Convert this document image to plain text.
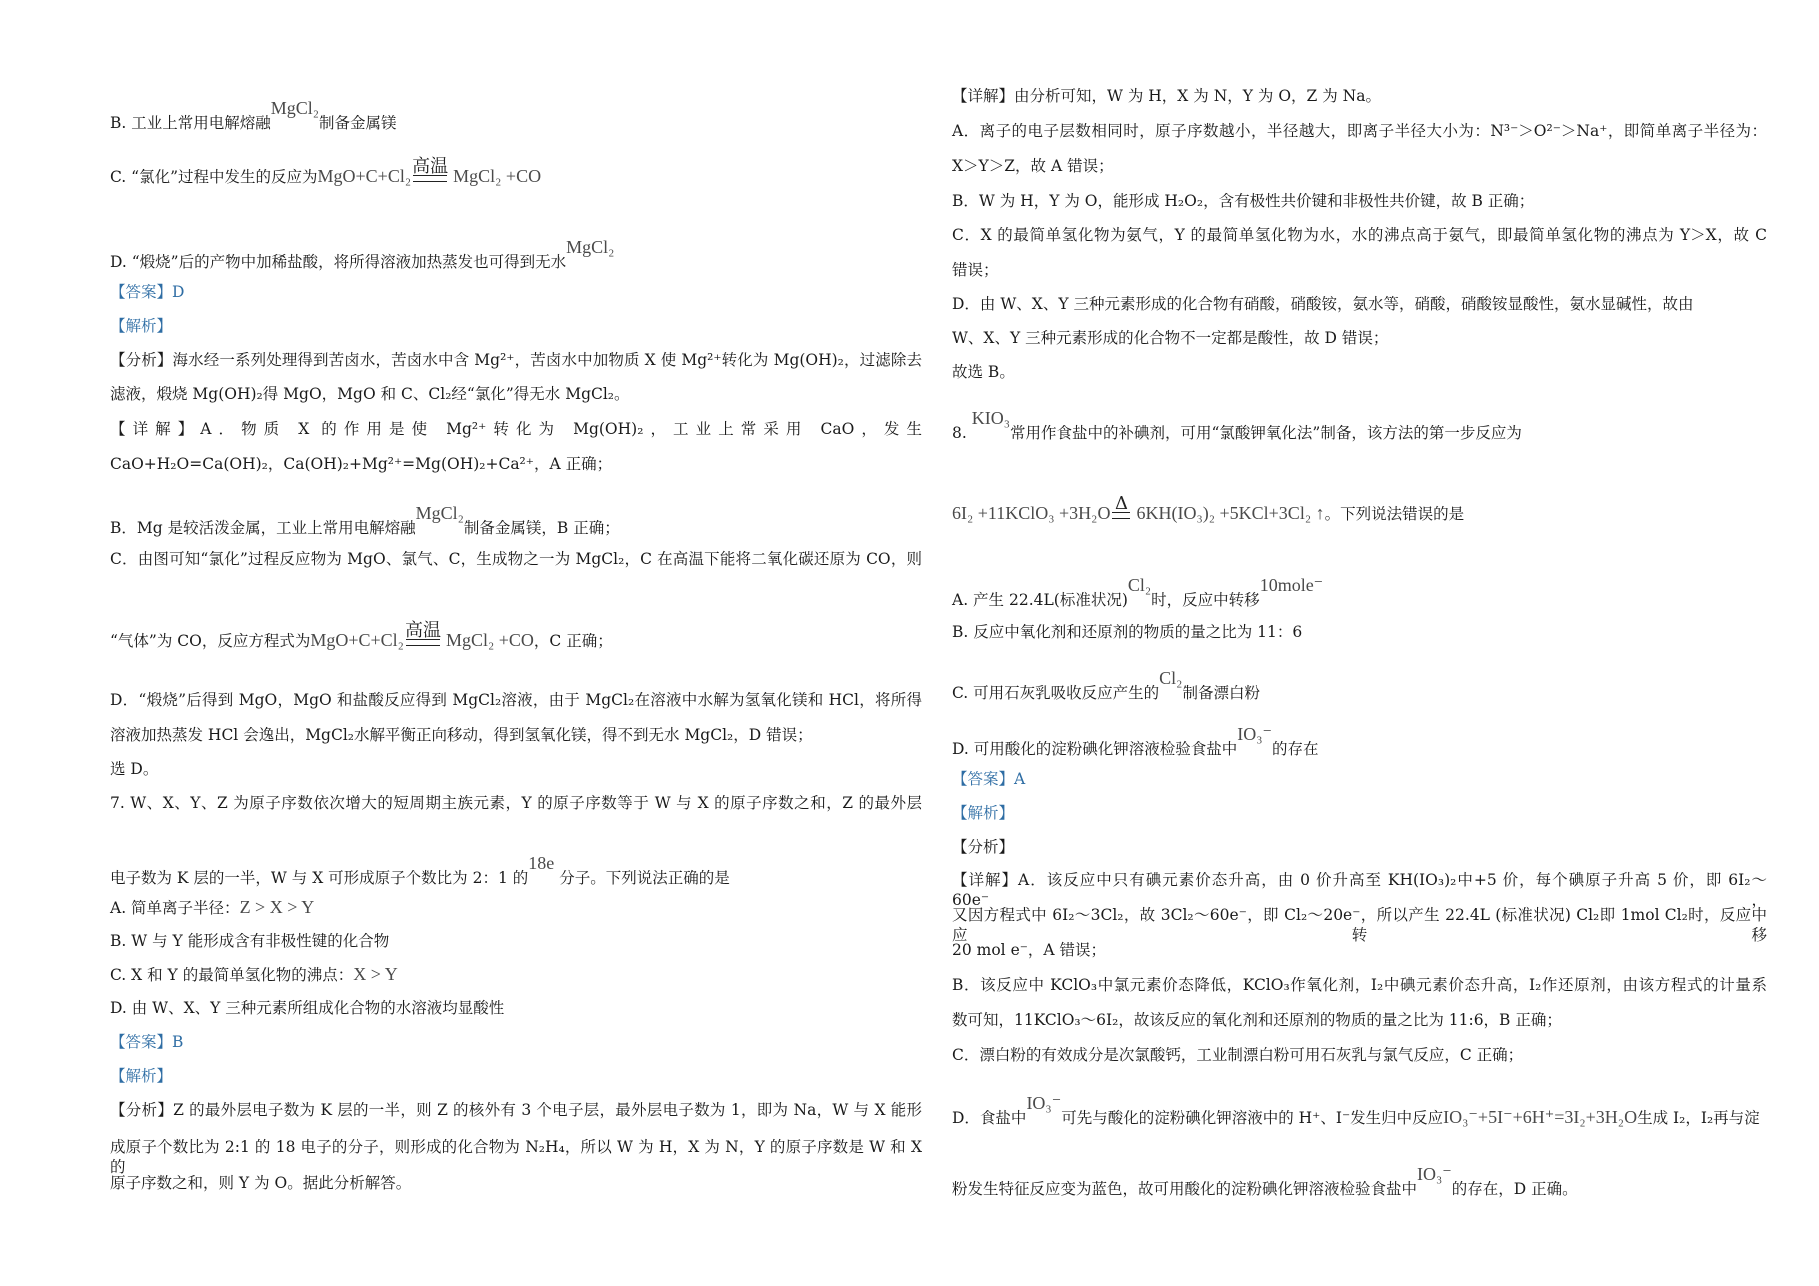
B. 工业上常用电解熔融MgCl₂制备金属镁
C. “氯化”过程中发生的反应为MgO+C+Cl₂ 高温 MgCl₂ +CO
D. “煅烧”后的产物中加稀盐酸，将所得溶液加热蒸发也可得到无水MgCl₂
【答案】D
【解析】
【分析】海水经一系列处理得到苦卤水，苦卤水中含 Mg²⁺，苦卤水中加物质 X 使 Mg²⁺转化为 Mg(OH)₂，过滤除去
滤液，煅烧 Mg(OH)₂得 MgO，MgO 和 C、Cl₂经“氯化”得无水 MgCl₂。
【详解】A．物质 X 的作用是使 Mg²⁺转化为 Mg(OH)₂，工业上常采用 CaO，发生
CaO+H₂O=Ca(OH)₂，Ca(OH)₂+Mg²⁺=Mg(OH)₂+Ca²⁺，A 正确；
B．Mg 是较活泼金属，工业上常用电解熔融MgCl₂制备金属镁，B 正确；
C．由图可知“氯化”过程反应物为 MgO、氯气、C，生成物之一为 MgCl₂，C 在高温下能将二氧化碳还原为 CO，则
“气体”为 CO，反应方程式为MgO+C+Cl₂ 高温 MgCl₂ +CO，C 正确；
D．“煅烧”后得到 MgO，MgO 和盐酸反应得到 MgCl₂溶液，由于 MgCl₂在溶液中水解为氢氧化镁和 HCl，将所得
溶液加热蒸发 HCl 会逸出，MgCl₂水解平衡正向移动，得到氢氧化镁，得不到无水 MgCl₂，D 错误；
选 D。
7. W、X、Y、Z 为原子序数依次增大的短周期主族元素，Y 的原子序数等于 W 与 X 的原子序数之和，Z 的最外层
电子数为 K 层的一半，W 与 X 可形成原子个数比为 2：1 的18e 分子。下列说法正确的是
A. 简单离子半径：Z > X > Y
B. W 与 Y 能形成含有非极性键的化合物
C. X 和 Y 的最简单氢化物的沸点：X > Y
D. 由 W、X、Y 三种元素所组成化合物的水溶液均显酸性
【答案】B
【解析】
【分析】Z 的最外层电子数为 K 层的一半，则 Z 的核外有 3 个电子层，最外层电子数为 1，即为 Na，W 与 X 能形
成原子个数比为 2:1 的 18 电子的分子，则形成的化合物为 N₂H₄，所以 W 为 H，X 为 N，Y 的原子序数是 W 和 X 的
原子序数之和，则 Y 为 O。据此分析解答。
【详解】由分析可知，W 为 H，X 为 N，Y 为 O，Z 为 Na。
A．离子的电子层数相同时，原子序数越小，半径越大，即离子半径大小为：N³⁻＞O²⁻＞Na⁺，即简单离子半径为：
X＞Y＞Z，故 A 错误；
B．W 为 H，Y 为 O，能形成 H₂O₂，含有极性共价键和非极性共价键，故 B 正确；
C．X 的最简单氢化物为氨气，Y 的最简单氢化物为水，水的沸点高于氨气，即最简单氢化物的沸点为 Y＞X，故 C
错误；
D．由 W、X、Y 三种元素形成的化合物有硝酸，硝酸铵，氨水等，硝酸，硝酸铵显酸性，氨水显碱性，故由
W、X、Y 三种元素形成的化合物不一定都是酸性，故 D 错误；
故选 B。
8. KIO₃常用作食盐中的补碘剂，可用“氯酸钾氧化法”制备，该方法的第一步反应为
6I₂ +11KClO₃ +3H₂O Δ 6KH(IO₃)₂ +5KCl+3Cl₂ ↑。下列说法错误的是
A. 产生 22.4L(标准状况)Cl₂时，反应中转移10mole⁻
B. 反应中氧化剂和还原剂的物质的量之比为 11：6
C. 可用石灰乳吸收反应产生的Cl₂制备漂白粉
D. 可用酸化的淀粉碘化钾溶液检验食盐中IO₃⁻的存在
【答案】A
【解析】
【分析】
【详解】A．该反应中只有碘元素价态升高，由 0 价升高至 KH(IO₃)₂中+5 价，每个碘原子升高 5 价，即 6I₂～60e⁻，
又因方程式中 6I₂～3Cl₂，故 3Cl₂～60e⁻，即 Cl₂～20e⁻，所以产生 22.4L (标准状况) Cl₂即 1mol Cl₂时，反应中应转移
20 mol e⁻，A 错误；
B．该反应中 KClO₃中氯元素价态降低，KClO₃作氧化剂，I₂中碘元素价态升高，I₂作还原剂，由该方程式的计量系
数可知，11KClO₃～6I₂，故该反应的氧化剂和还原剂的物质的量之比为 11:6，B 正确；
C．漂白粉的有效成分是次氯酸钙，工业制漂白粉可用石灰乳与氯气反应，C 正确；
D．食盐中IO₃⁻可先与酸化的淀粉碘化钾溶液中的 H⁺、I⁻发生归中反应IO₃⁻+5I⁻+6H⁺=3I₂+3H₂O生成 I₂，I₂再与淀
粉发生特征反应变为蓝色，故可用酸化的淀粉碘化钾溶液检验食盐中IO₃⁻的存在，D 正确。
